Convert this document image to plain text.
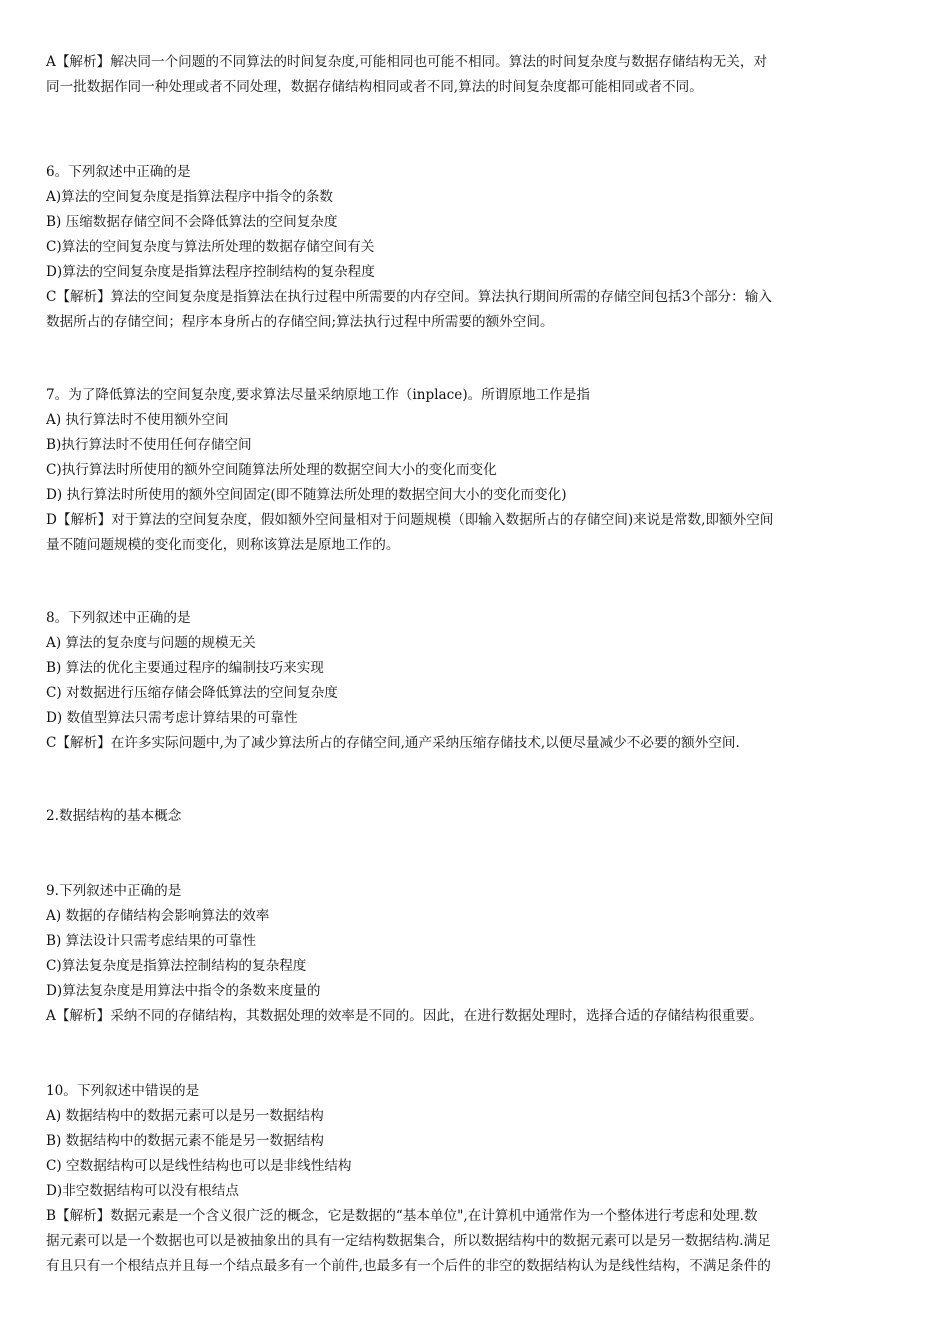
A【解析】解决同一个问题的不同算法的时间复杂度,可能相同也可能不相同。算法的时间复杂度与数据存储结构无关，对
同一批数据作同一种处理或者不同处理，数据存储结构相同或者不同,算法的时间复杂度都可能相同或者不同。
6。下列叙述中正确的是
A)算法的空间复杂度是指算法程序中指令的条数
B) 压缩数据存储空间不会降低算法的空间复杂度
C)算法的空间复杂度与算法所处理的数据存储空间有关
D)算法的空间复杂度是指算法程序控制结构的复杂程度
C【解析】算法的空间复杂度是指算法在执行过程中所需要的内存空间。算法执行期间所需的存储空间包括3个部分：输入
数据所占的存储空间；程序本身所占的存储空间;算法执行过程中所需要的额外空间。
7。为了降低算法的空间复杂度,要求算法尽量采纳原地工作（inplace)。所谓原地工作是指
A) 执行算法时不使用额外空间
B)执行算法时不使用任何存储空间
C)执行算法时所使用的额外空间随算法所处理的数据空间大小的变化而变化
D) 执行算法时所使用的额外空间固定(即不随算法所处理的数据空间大小的变化而变化)
D【解析】对于算法的空间复杂度，假如额外空间量相对于问题规模（即输入数据所占的存储空间)来说是常数,即额外空间
量不随问题规模的变化而变化，则称该算法是原地工作的。
8。下列叙述中正确的是
A) 算法的复杂度与问题的规模无关
B) 算法的优化主要通过程序的编制技巧来实现
C) 对数据进行压缩存储会降低算法的空间复杂度
D) 数值型算法只需考虑计算结果的可靠性
C【解析】在许多实际问题中,为了减少算法所占的存储空间,通产采纳压缩存储技术,以便尽量减少不必要的额外空间.
2.数据结构的基本概念
9.下列叙述中正确的是
A) 数据的存储结构会影响算法的效率
B) 算法设计只需考虑结果的可靠性
C)算法复杂度是指算法控制结构的复杂程度
D)算法复杂度是用算法中指令的条数来度量的
A【解析】采纳不同的存储结构，其数据处理的效率是不同的。因此，在进行数据处理时，选择合适的存储结构很重要。
10。下列叙述中错误的是
A) 数据结构中的数据元素可以是另一数据结构
B) 数据结构中的数据元素不能是另一数据结构
C) 空数据结构可以是线性结构也可以是非线性结构
D)非空数据结构可以没有根结点
B【解析】数据元素是一个含义很广泛的概念，它是数据的“基本单位",在计算机中通常作为一个整体进行考虑和处理.数
据元素可以是一个数据也可以是被抽象出的具有一定结构数据集合，所以数据结构中的数据元素可以是另一数据结构.满足
有且只有一个根结点并且每一个结点最多有一个前件,也最多有一个后件的非空的数据结构认为是线性结构，不满足条件的
